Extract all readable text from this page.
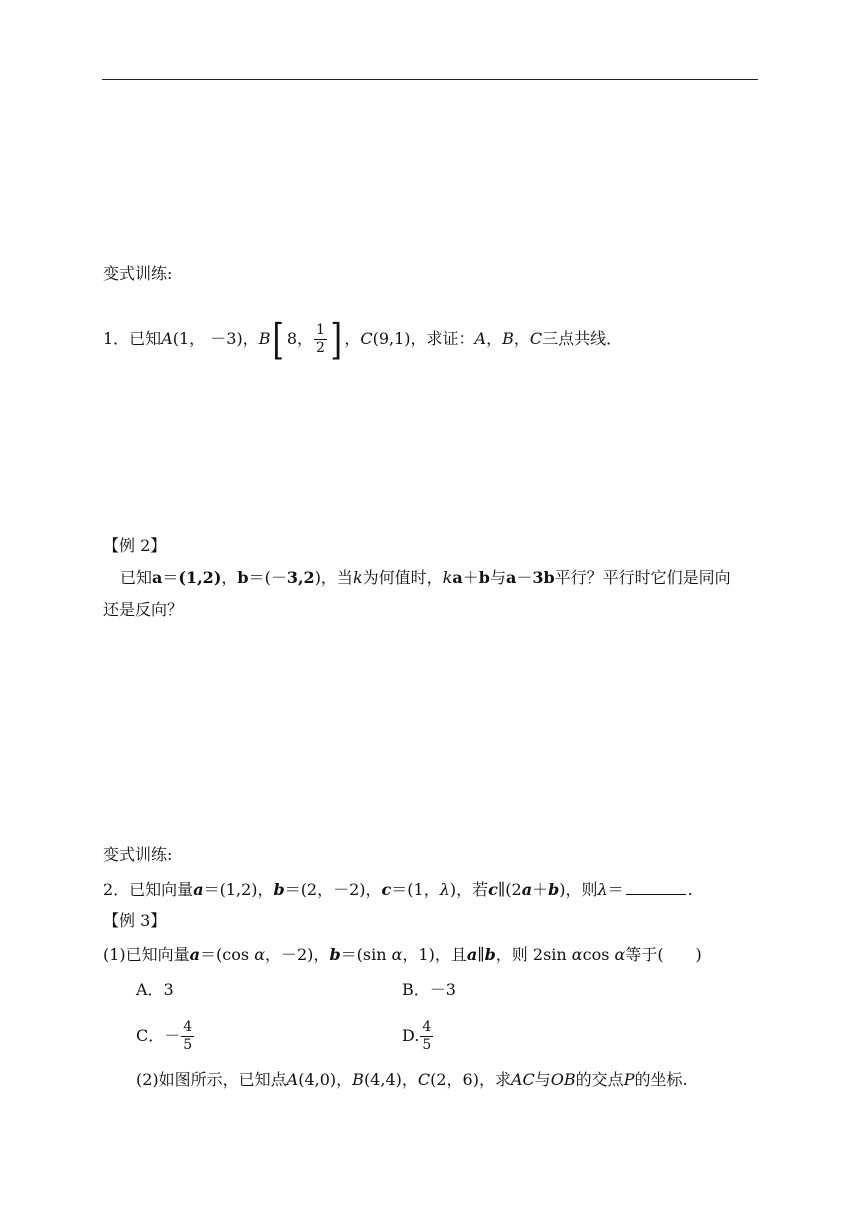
变式训练:
1．已知A(1， －3)，B[ 8， $\frac{1}{2}$ ] ，C(9,1)，求证：A，B，C三点共线．
【例 2】
已知a＝(1,2)，b＝(－3,2)，当k为何值时，ka＋b与a－3b平行？平行时它们是同向
还是反向？
变式训练:
2．已知向量a＝(1,2)，b＝(2，－2)，c＝(1，λ)，若c∥(2a＋b)，则λ＝	.
【例 3】
(1)已知向量a＝(cos α，－2)，b＝(sin α，1)，且a∥b，则 2sin αcos α等于(　　)
A．3	B．－3
C．－ $\frac{4}{5}$	D. $\frac{4}{5}$
(2)如图所示，已知点A(4,0)，B(4,4)，C(2，6)，求AC与OB的交点P的坐标.
